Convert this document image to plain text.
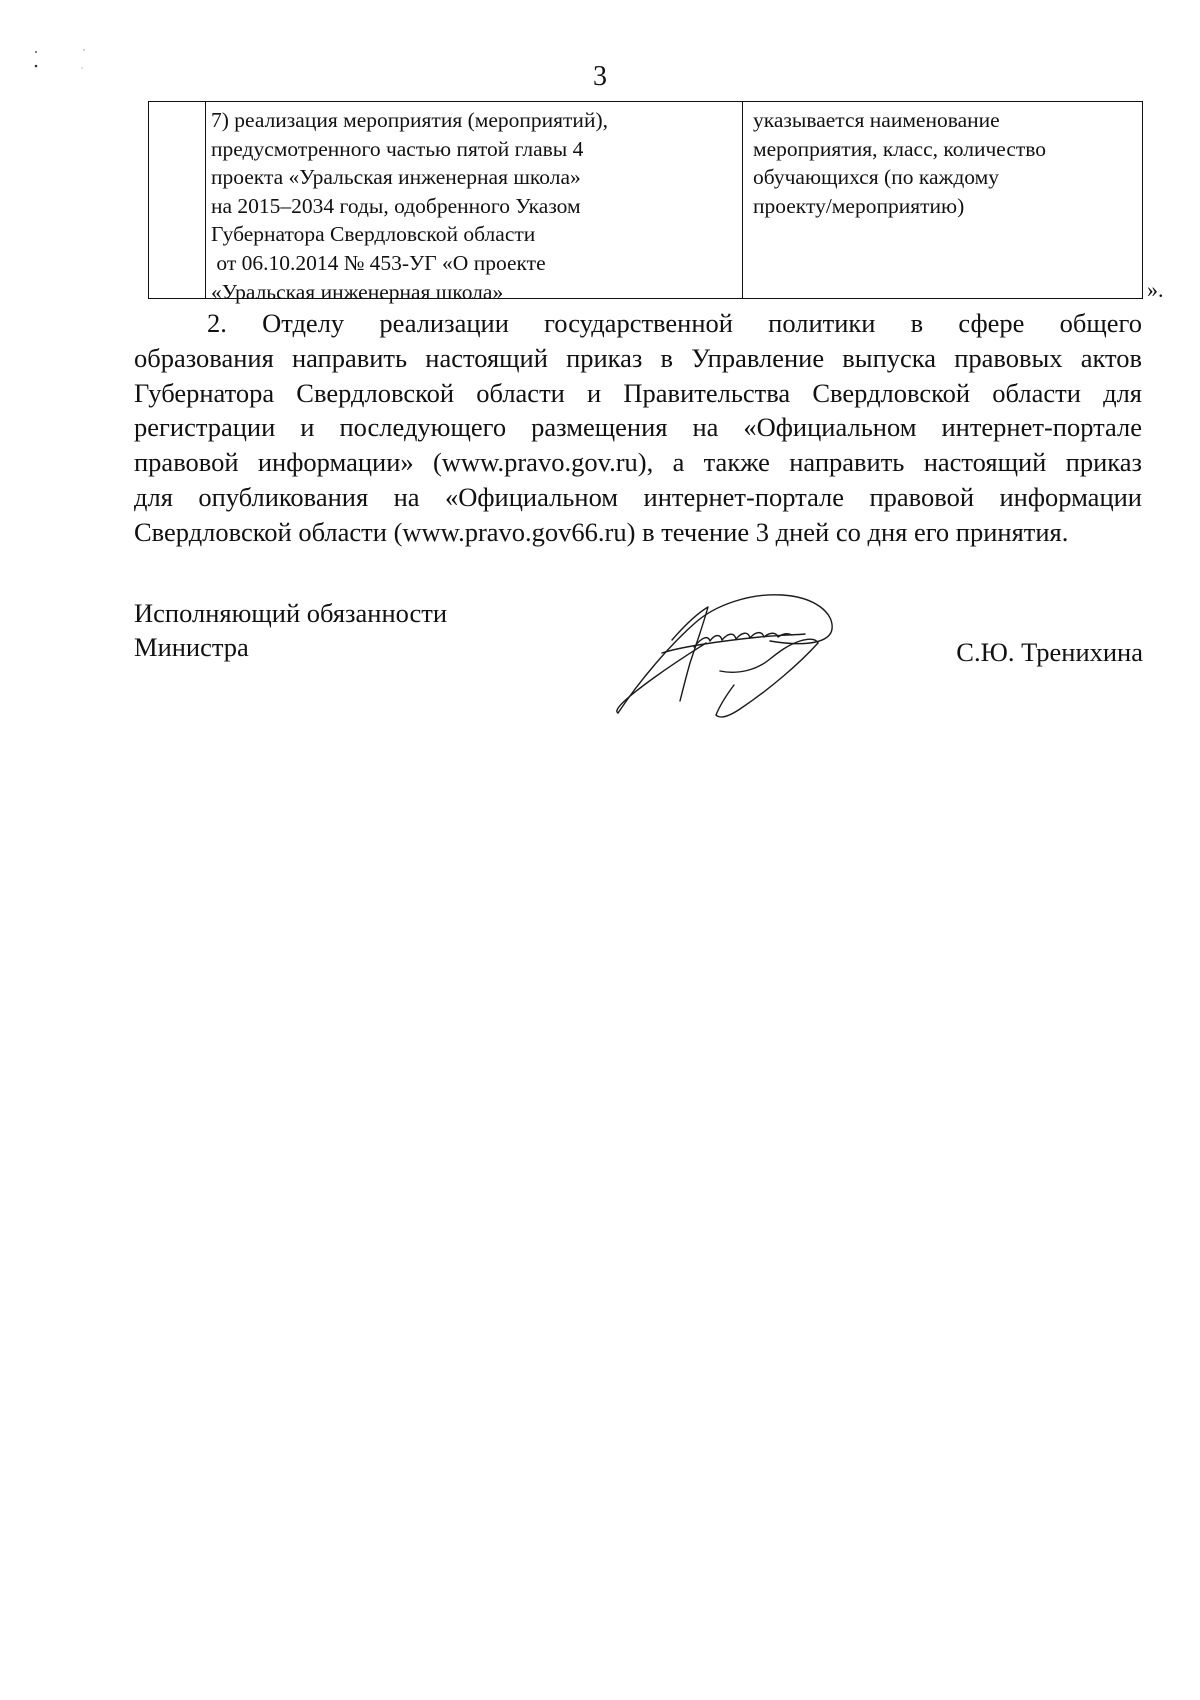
3
7) реализация мероприятия (мероприятий),
предусмотренного частью пятой главы 4
проекта «Уральская инженерная школа»
на 2015–2034 годы, одобренного Указом
Губернатора Свердловской области
от 06.10.2014 № 453-УГ «О проекте
«Уральская инженерная школа»
указывается наименование
мероприятия, класс, количество
обучающихся (по каждому
проекту/мероприятию)
».
2. Отделу реализации государственной политики в сфере общего
образования направить настоящий приказ в Управление выпуска правовых актов
Губернатора Свердловской области и Правительства Свердловской области для
регистрации и последующего размещения на «Официальном интернет-портале
правовой информации» (www.pravo.gov.ru), а также направить настоящий приказ
для опубликования на «Официальном интернет-портале правовой информации
Свердловской области (www.pravo.gov66.ru) в течение 3 дней со дня его принятия.
Исполняющий обязанности
Министра	С.Ю. Тренихина
